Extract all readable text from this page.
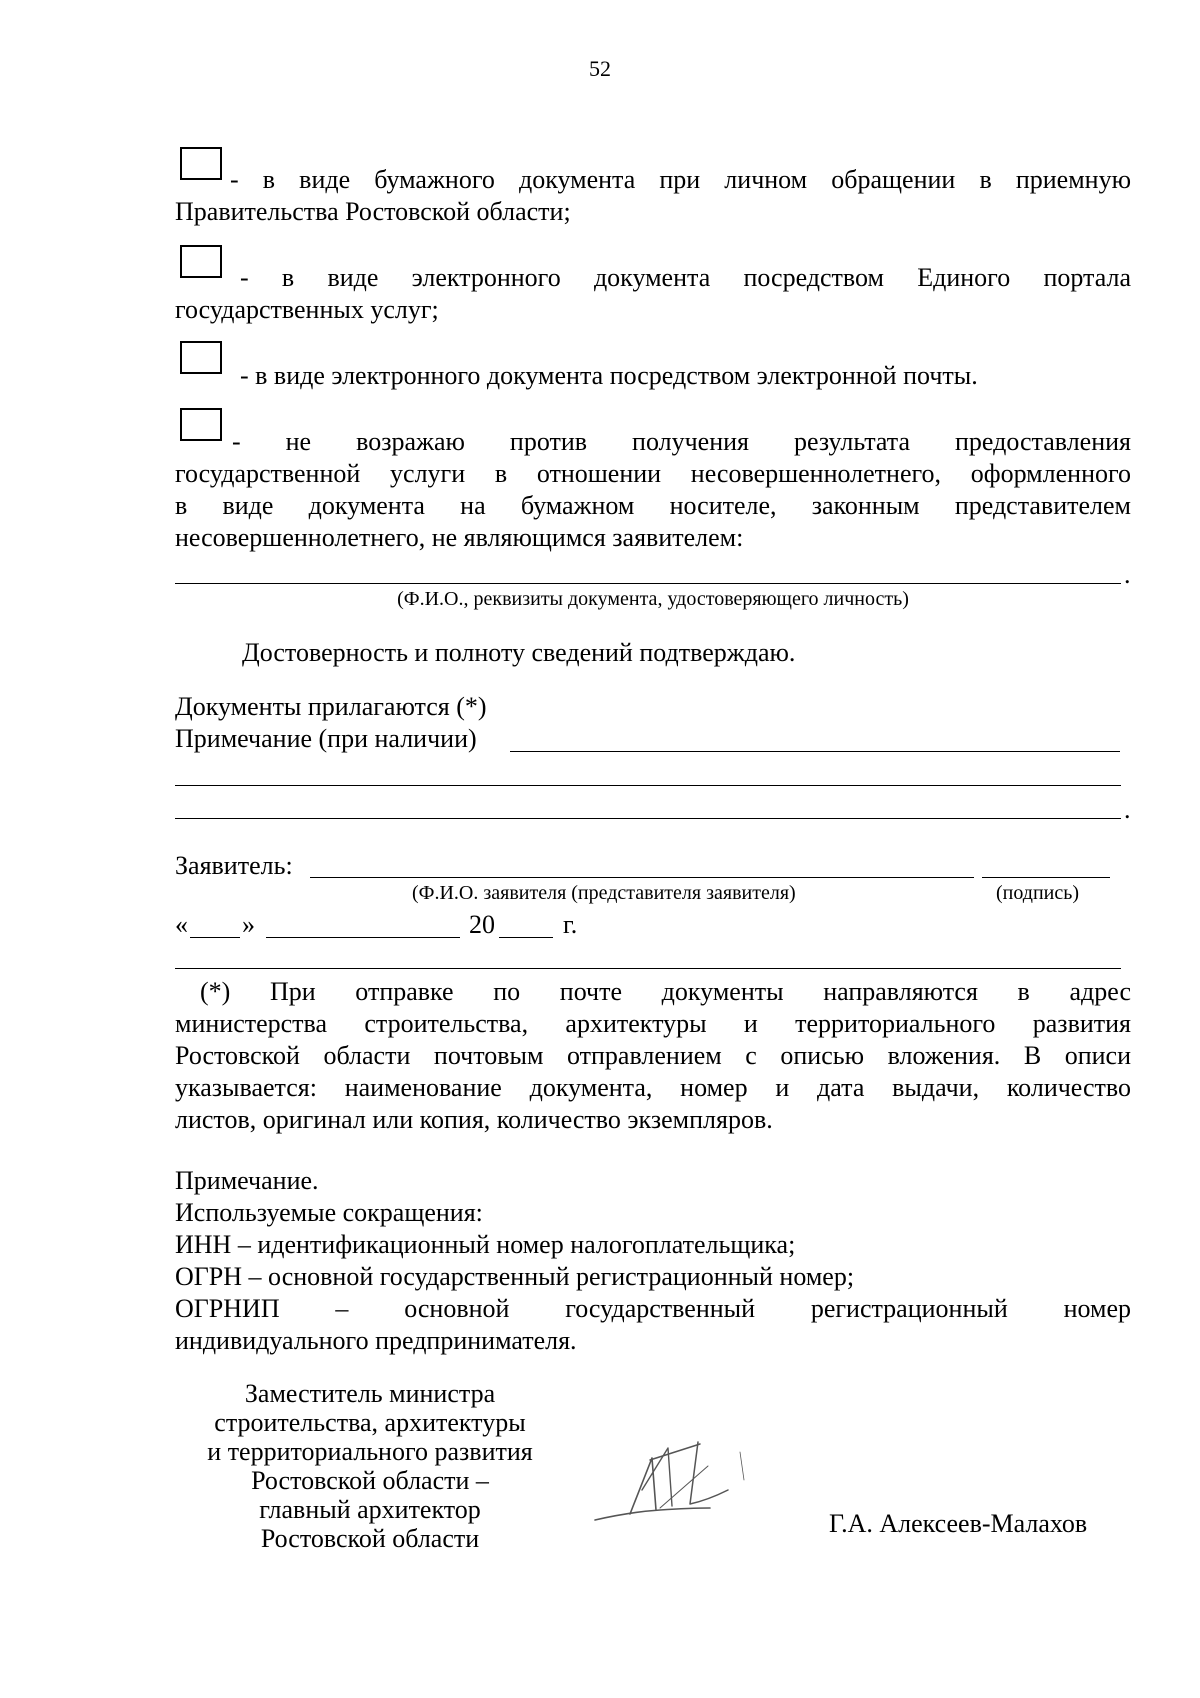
52
- в виде бумажного документа при личном обращении в приемную
Правительства Ростовской области;
- в виде электронного документа посредством Единого портала
государственных услуг;
- в виде электронного документа посредством электронной почты.
- не возражаю против получения результата предоставления
государственной услуги в отношении несовершеннолетнего, оформленного
в виде документа на бумажном носителе, законным представителем
несовершеннолетнего, не являющимся заявителем:
.
(Ф.И.О., реквизиты документа, удостоверяющего личность)
Достоверность и полноту сведений подтверждаю.
Документы прилагаются (*)
Примечание (при наличии)
.
Заявитель:
(Ф.И.О. заявителя (представителя заявителя)	(подпись)
« »	20	г.
(*) При отправке по почте документы направляются в адрес
министерства строительства, архитектуры и территориального развития
Ростовской области почтовым отправлением с описью вложения. В описи
указывается: наименование документа, номер и дата выдачи, количество
листов, оригинал или копия, количество экземпляров.
Примечание.
Используемые сокращения:
ИНН – идентификационный номер налогоплательщика;
ОГРН – основной государственный регистрационный номер;
ОГРНИП – основной государственный регистрационный номер
индивидуального предпринимателя.
Заместитель министра
строительства, архитектуры
и территориального развития
Ростовской области –
главный архитектор
Ростовской области
Г.А. Алексеев-Малахов
